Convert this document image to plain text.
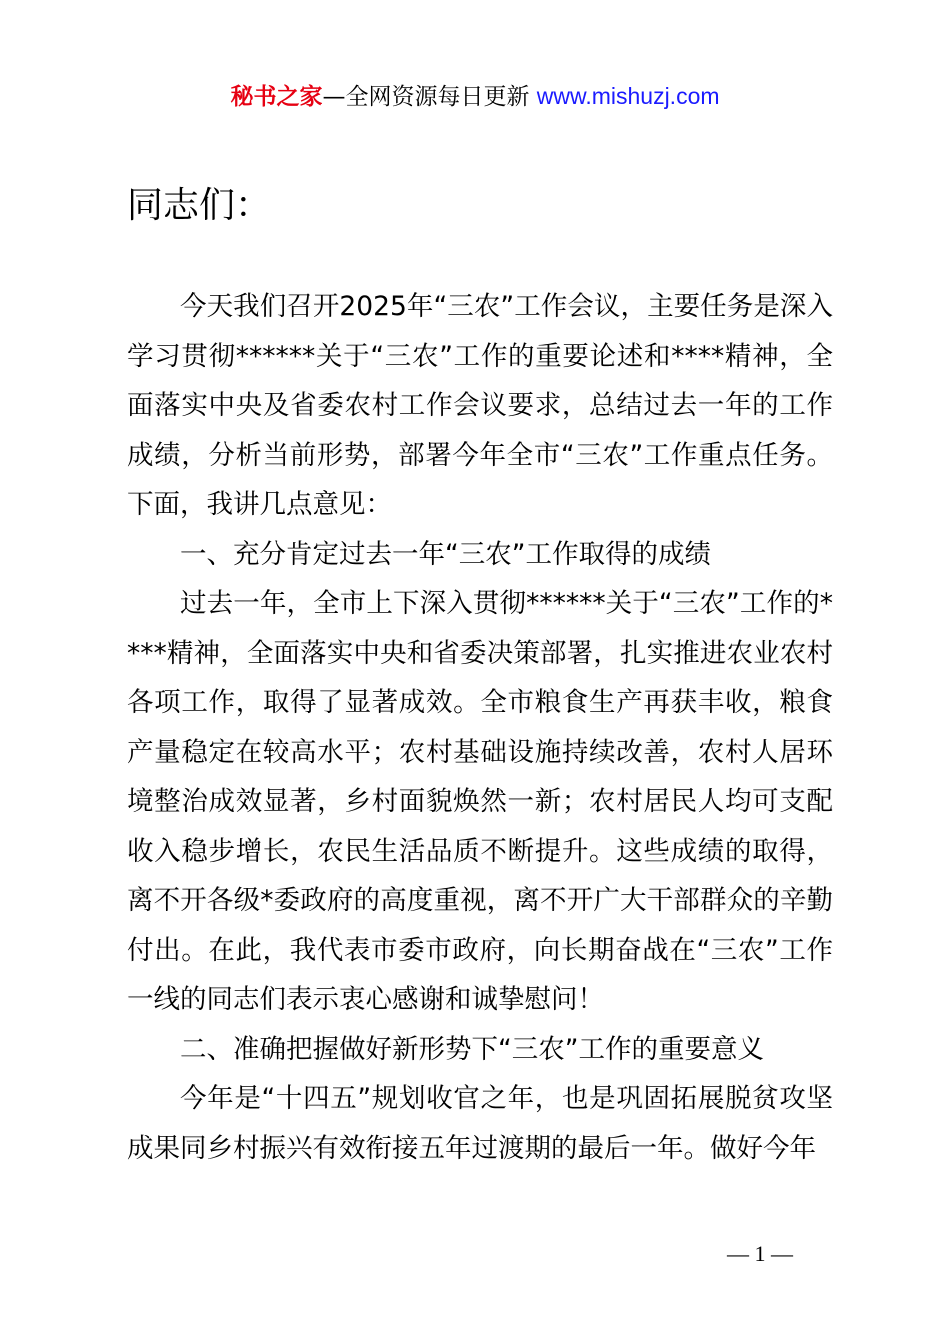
秘书之家—全网资源每日更新 www.mishuzj.com
同志们：

今天我们召开2025年“三农”工作会议，主要任务是深入学习贯彻******关于“三农”工作的重要论述和****精神，全面落实中央及省委农村工作会议要求，总结过去一年的工作成绩，分析当前形势，部署今年全市“三农”工作重点任务。下面，我讲几点意见：

一、充分肯定过去一年“三农”工作取得的成绩

过去一年，全市上下深入贯彻******关于“三农”工作的****精神，全面落实中央和省委决策部署，扎实推进农业农村各项工作，取得了显著成效。全市粮食生产再获丰收，粮食产量稳定在较高水平；农村基础设施持续改善，农村人居环境整治成效显著，乡村面貌焕然一新；农村居民人均可支配收入稳步增长，农民生活品质不断提升。这些成绩的取得，离不开各级*委政府的高度重视，离不开广大干部群众的辛勤付出。在此，我代表市委市政府，向长期奋战在“三农”工作一线的同志们表示衷心感谢和诚挚慰问！

二、准确把握做好新形势下“三农”工作的重要意义

今年是“十四五”规划收官之年，也是巩固拓展脱贫攻坚成果同乡村振兴有效衔接五年过渡期的最后一年。做好今年

— 1 —
